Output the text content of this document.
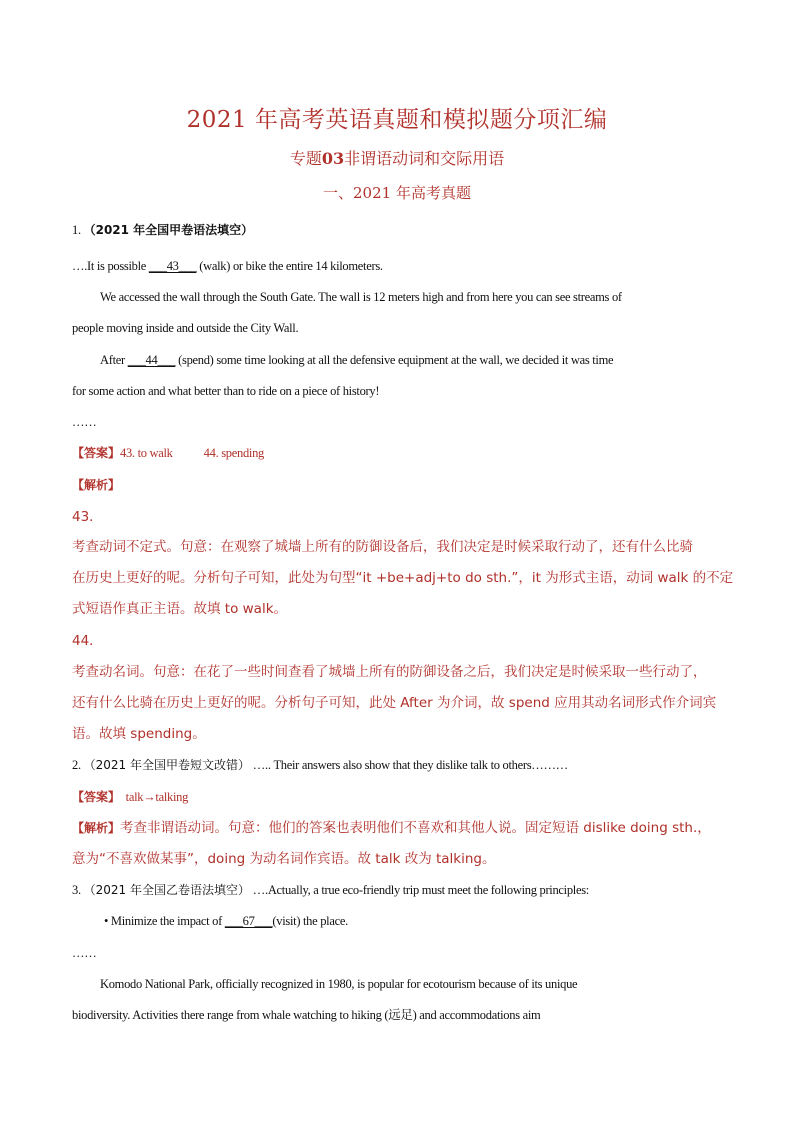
2021 年高考英语真题和模拟题分项汇编
专题03非谓语动词和交际用语
一、2021 年高考真题
1. （2021 年全国甲卷语法填空）
….It is possible ___43___ (walk) or bike the entire 14 kilometers.
We accessed the wall through the South Gate. The wall is 12 meters high and from here you can see streams of
people moving inside and outside the City Wall.
After ___44___ (spend) some time looking at all the defensive equipment at the wall, we decided it was time
for some action and what better than to ride on a piece of history!
……
【答案】43. to walk           44. spending
【解析】
43．
考查动词不定式。句意：在观察了城墙上所有的防御设备后，我们决定是时候采取行动了，还有什么比骑
在历史上更好的呢。分析句子可知，此处为句型“it +be+adj+to do sth.”，it 为形式主语，动词 walk 的不定
式短语作真正主语。故填 to walk。
44．
考查动名词。句意：在花了一些时间查看了城墙上所有的防御设备之后，我们决定是时候采取一些行动了，
还有什么比骑在历史上更好的呢。分析句子可知，此处 After 为介词，故 spend 应用其动名词形式作介词宾
语。故填 spending。
2. （2021 年全国甲卷短文改错） ….. Their answers also show that they dislike talk to others………
【答案】  talk→talking
【解析】考查非谓语动词。句意：他们的答案也表明他们不喜欢和其他人说。固定短语 dislike doing sth.，
意为“不喜欢做某事”，doing 为动名词作宾语。故 talk 改为 talking。
3. （2021 年全国乙卷语法填空） ….Actually, a true eco-friendly trip must meet the following principles:
• Minimize the impact of ___67___(visit) the place.
……
Komodo National Park, officially recognized in 1980, is popular for ecotourism because of its unique
biodiversity. Activities there range from whale watching to hiking (远足) and accommodations aim
